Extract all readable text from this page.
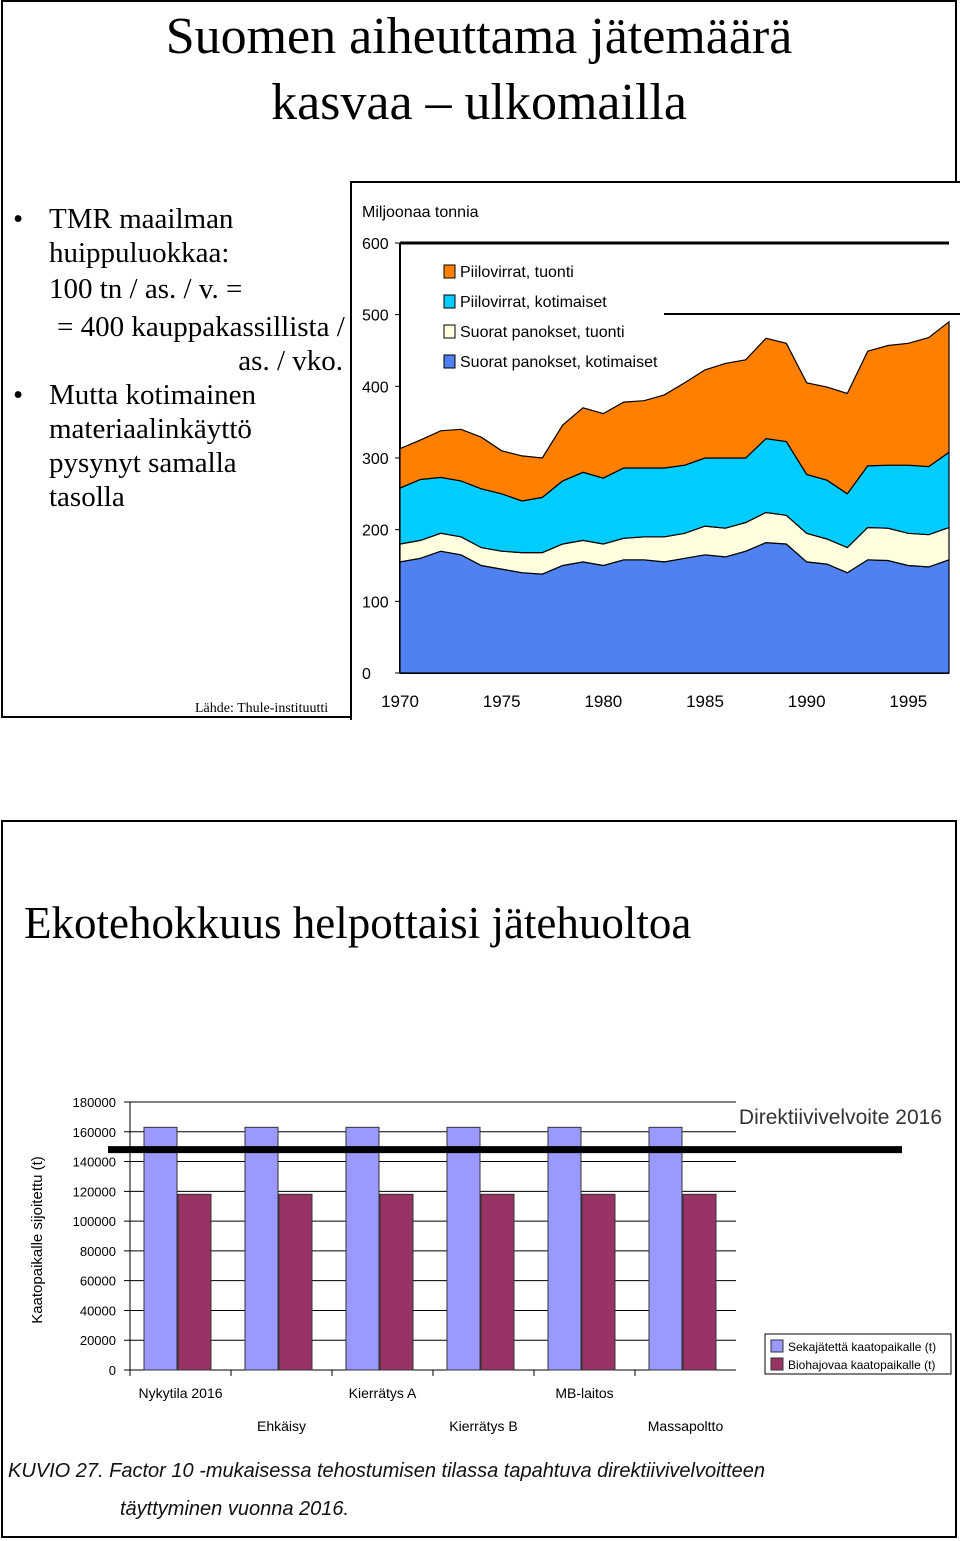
Suomen aiheuttama jätemäärä
kasvaa – ulkomailla
• TMR maailman
huippuluokkaa:
100 tn / as. / v. =
= 400 kauppakassillista /
as. / vko.
• Mutta kotimainen
materiaalinkäyttö
pysynyt samalla
tasolla
Lähde: Thule-instituutti
Miljoonaa tonnia
0
100
200
300
400
500
600
1970	1975	1980	1985	1990	1995
Piilovirrat, tuonti
Piilovirrat, kotimaiset
Suorat panokset, tuonti
Suorat panokset, kotimaiset
Ekotehokkuus helpottaisi jätehuoltoa
Kaatopaikalle sijoitettu (t)
0
20000
40000
60000
80000
100000
120000
140000
160000
180000
Nykytila 2016
Ehkäisy
Kierrätys A
Kierrätys B
MB-laitos
Massapoltto
Direktiivivelvoite 2016
Sekajätettä kaatopaikalle (t)
Biohajovaa kaatopaikalle (t)
KUVIO 27. Factor 10 -mukaisessa tehostumisen tilassa tapahtuva direktiivivelvoitteen
täyttyminen vuonna 2016.
